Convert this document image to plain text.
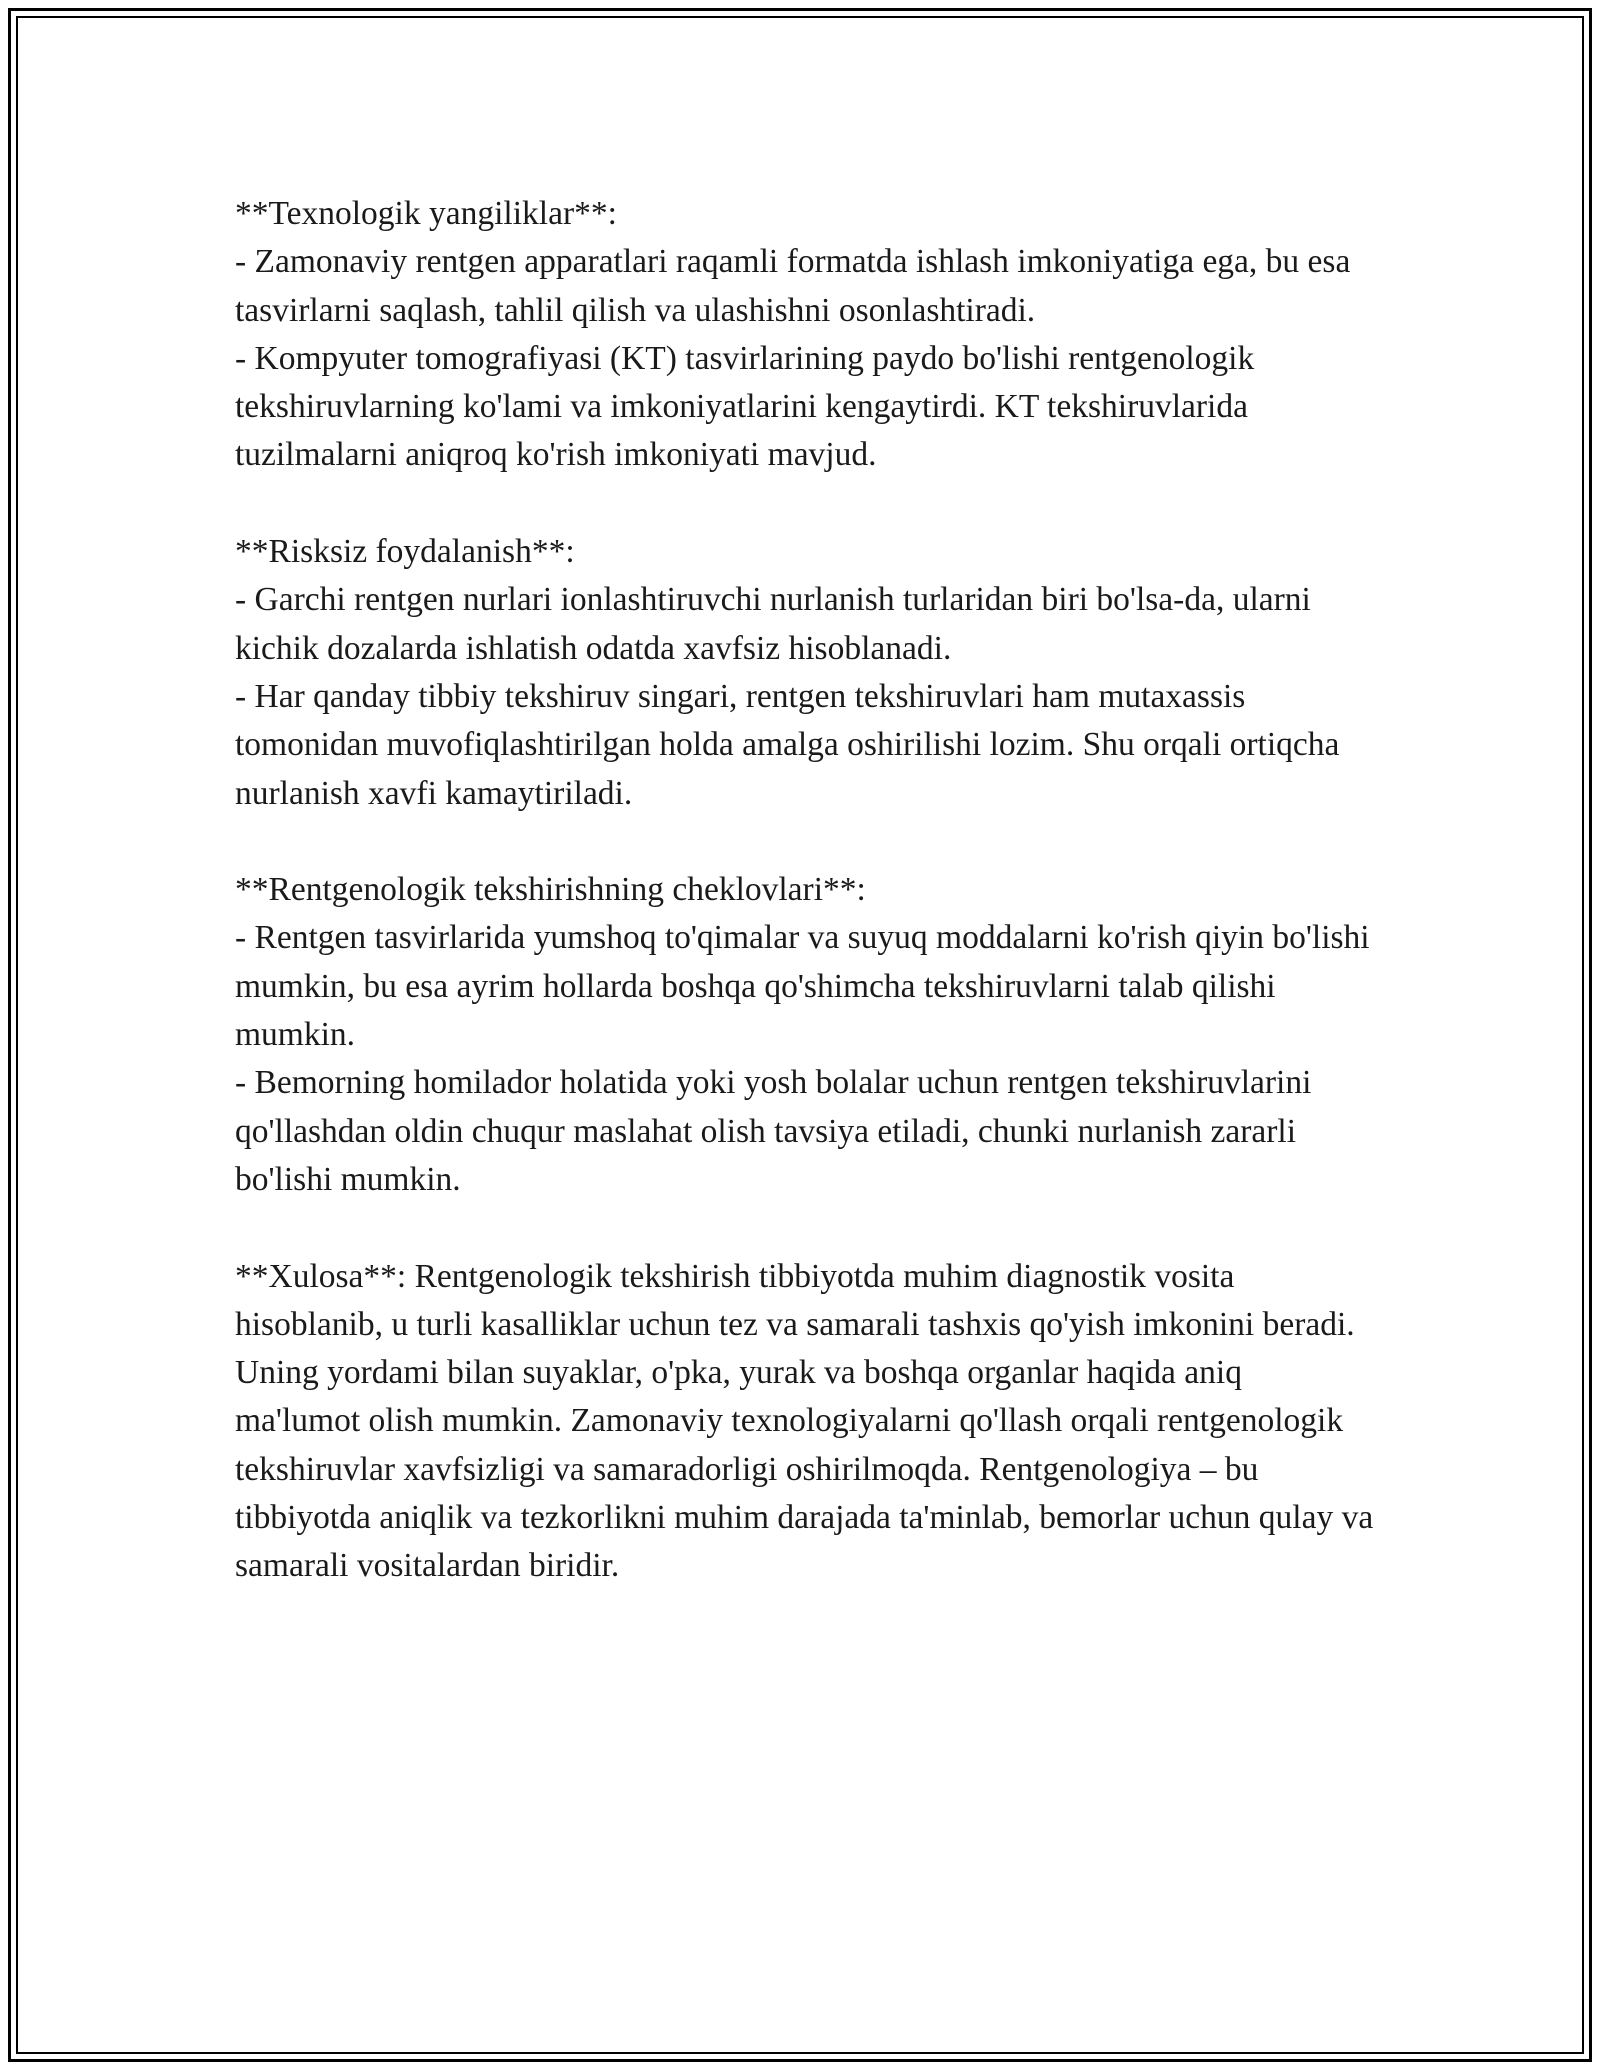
**Texnologik yangiliklar**:

- Zamonaviy rentgen apparatlari raqamli formatda ishlash imkoniyatiga ega, bu esa tasvirlarni saqlash, tahlil qilish va ulashishni osonlashtiradi.

- Kompyuter tomografiyasi (KT) tasvirlarining paydo bo'lishi rentgenologik tekshiruvlarning ko'lami va imkoniyatlarini kengaytirdi. KT tekshiruvlarida tuzilmalarni aniqroq ko'rish imkoniyati mavjud.

**Risksiz foydalanish**:

- Garchi rentgen nurlari ionlashtiruvchi nurlanish turlaridan biri bo'lsa-da, ularni kichik dozalarda ishlatish odatda xavfsiz hisoblanadi.

- Har qanday tibbiy tekshiruv singari, rentgen tekshiruvlari ham mutaxassis tomonidan muvofiqlashtirilgan holda amalga oshirilishi lozim. Shu orqali ortiqcha nurlanish xavfi kamaytiriladi.

**Rentgenologik tekshirishning cheklovlari**:

- Rentgen tasvirlarida yumshoq to'qimalar va suyuq moddalarni ko'rish qiyin bo'lishi mumkin, bu esa ayrim hollarda boshqa qo'shimcha tekshiruvlarni talab qilishi mumkin.

- Bemorning homilador holatida yoki yosh bolalar uchun rentgen tekshiruvlarini qo'llashdan oldin chuqur maslahat olish tavsiya etiladi, chunki nurlanish zararli bo'lishi mumkin.

**Xulosa**: Rentgenologik tekshirish tibbiyotda muhim diagnostik vosita hisoblanib, u turli kasalliklar uchun tez va samarali tashxis qo'yish imkonini beradi. Uning yordami bilan suyaklar, o'pka, yurak va boshqa organlar haqida aniq ma'lumot olish mumkin. Zamonaviy texnologiyalarni qo'llash orqali rentgenologik tekshiruvlar xavfsizligi va samaradorligi oshirilmoqda. Rentgenologiya – bu tibbiyotda aniqlik va tezkorlikni muhim darajada ta'minlab, bemorlar uchun qulay va samarali vositalardan biridir.
